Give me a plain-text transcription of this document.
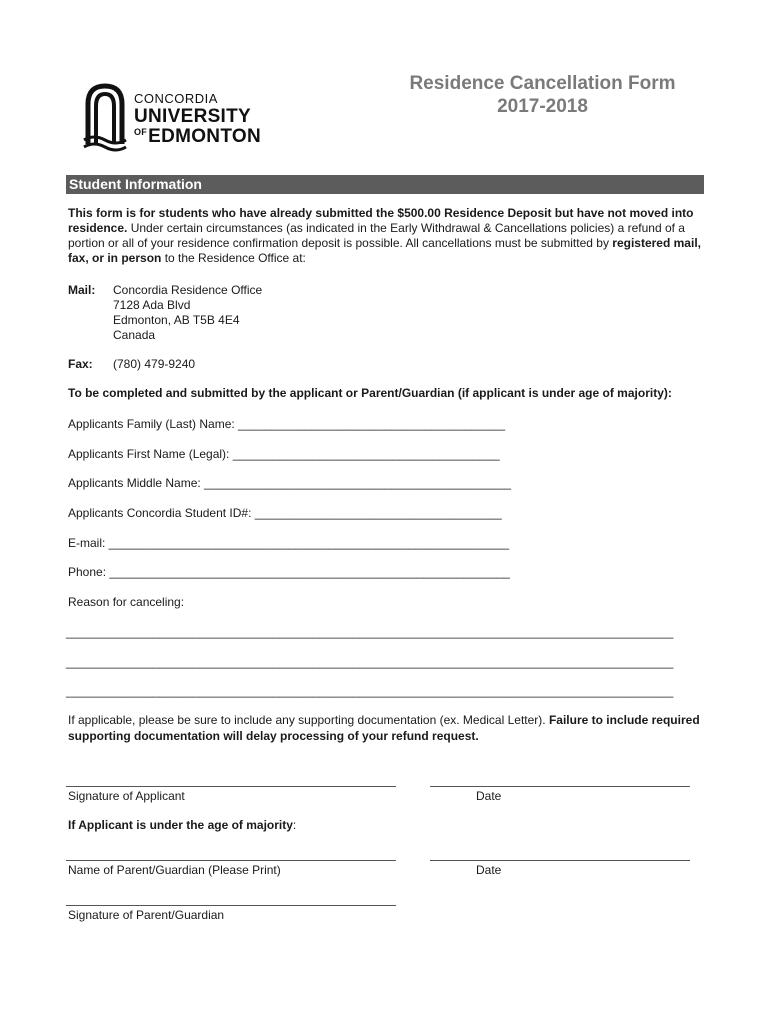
CONCORDIA
UNIVERSITY
$^{OF}$EDMONTON
Residence Cancellation Form
2017-2018
Student Information
This form is for students who have already submitted the $500.00 Residence Deposit but have not moved into residence. Under certain circumstances (as indicated in the Early Withdrawal & Cancellations policies) a refund of a portion or all of your residence confirmation deposit is possible. All cancellations must be submitted by registered mail, fax, or in person to the Residence Office at:
Mail: Concordia Residence Office
7128 Ada Blvd
Edmonton, AB T5B 4E4
Canada
Fax: (780) 479-9240
To be completed and submitted by the applicant or Parent/Guardian (if applicant is under age of majority):
Applicants Family (Last) Name: ________________________________________
Applicants First Name (Legal): ________________________________________
Applicants Middle Name: ______________________________________________
Applicants Concordia Student ID#: _____________________________________
E-mail: ____________________________________________________________
Phone: ____________________________________________________________
Reason for canceling:
___________________________________________________________________________________________
___________________________________________________________________________________________
___________________________________________________________________________________________
If applicable, please be sure to include any supporting documentation (ex. Medical Letter). Failure to include required supporting documentation will delay processing of your refund request.
Signature of Applicant	Date
If Applicant is under the age of majority:
Name of Parent/Guardian (Please Print)	Date
Signature of Parent/Guardian
